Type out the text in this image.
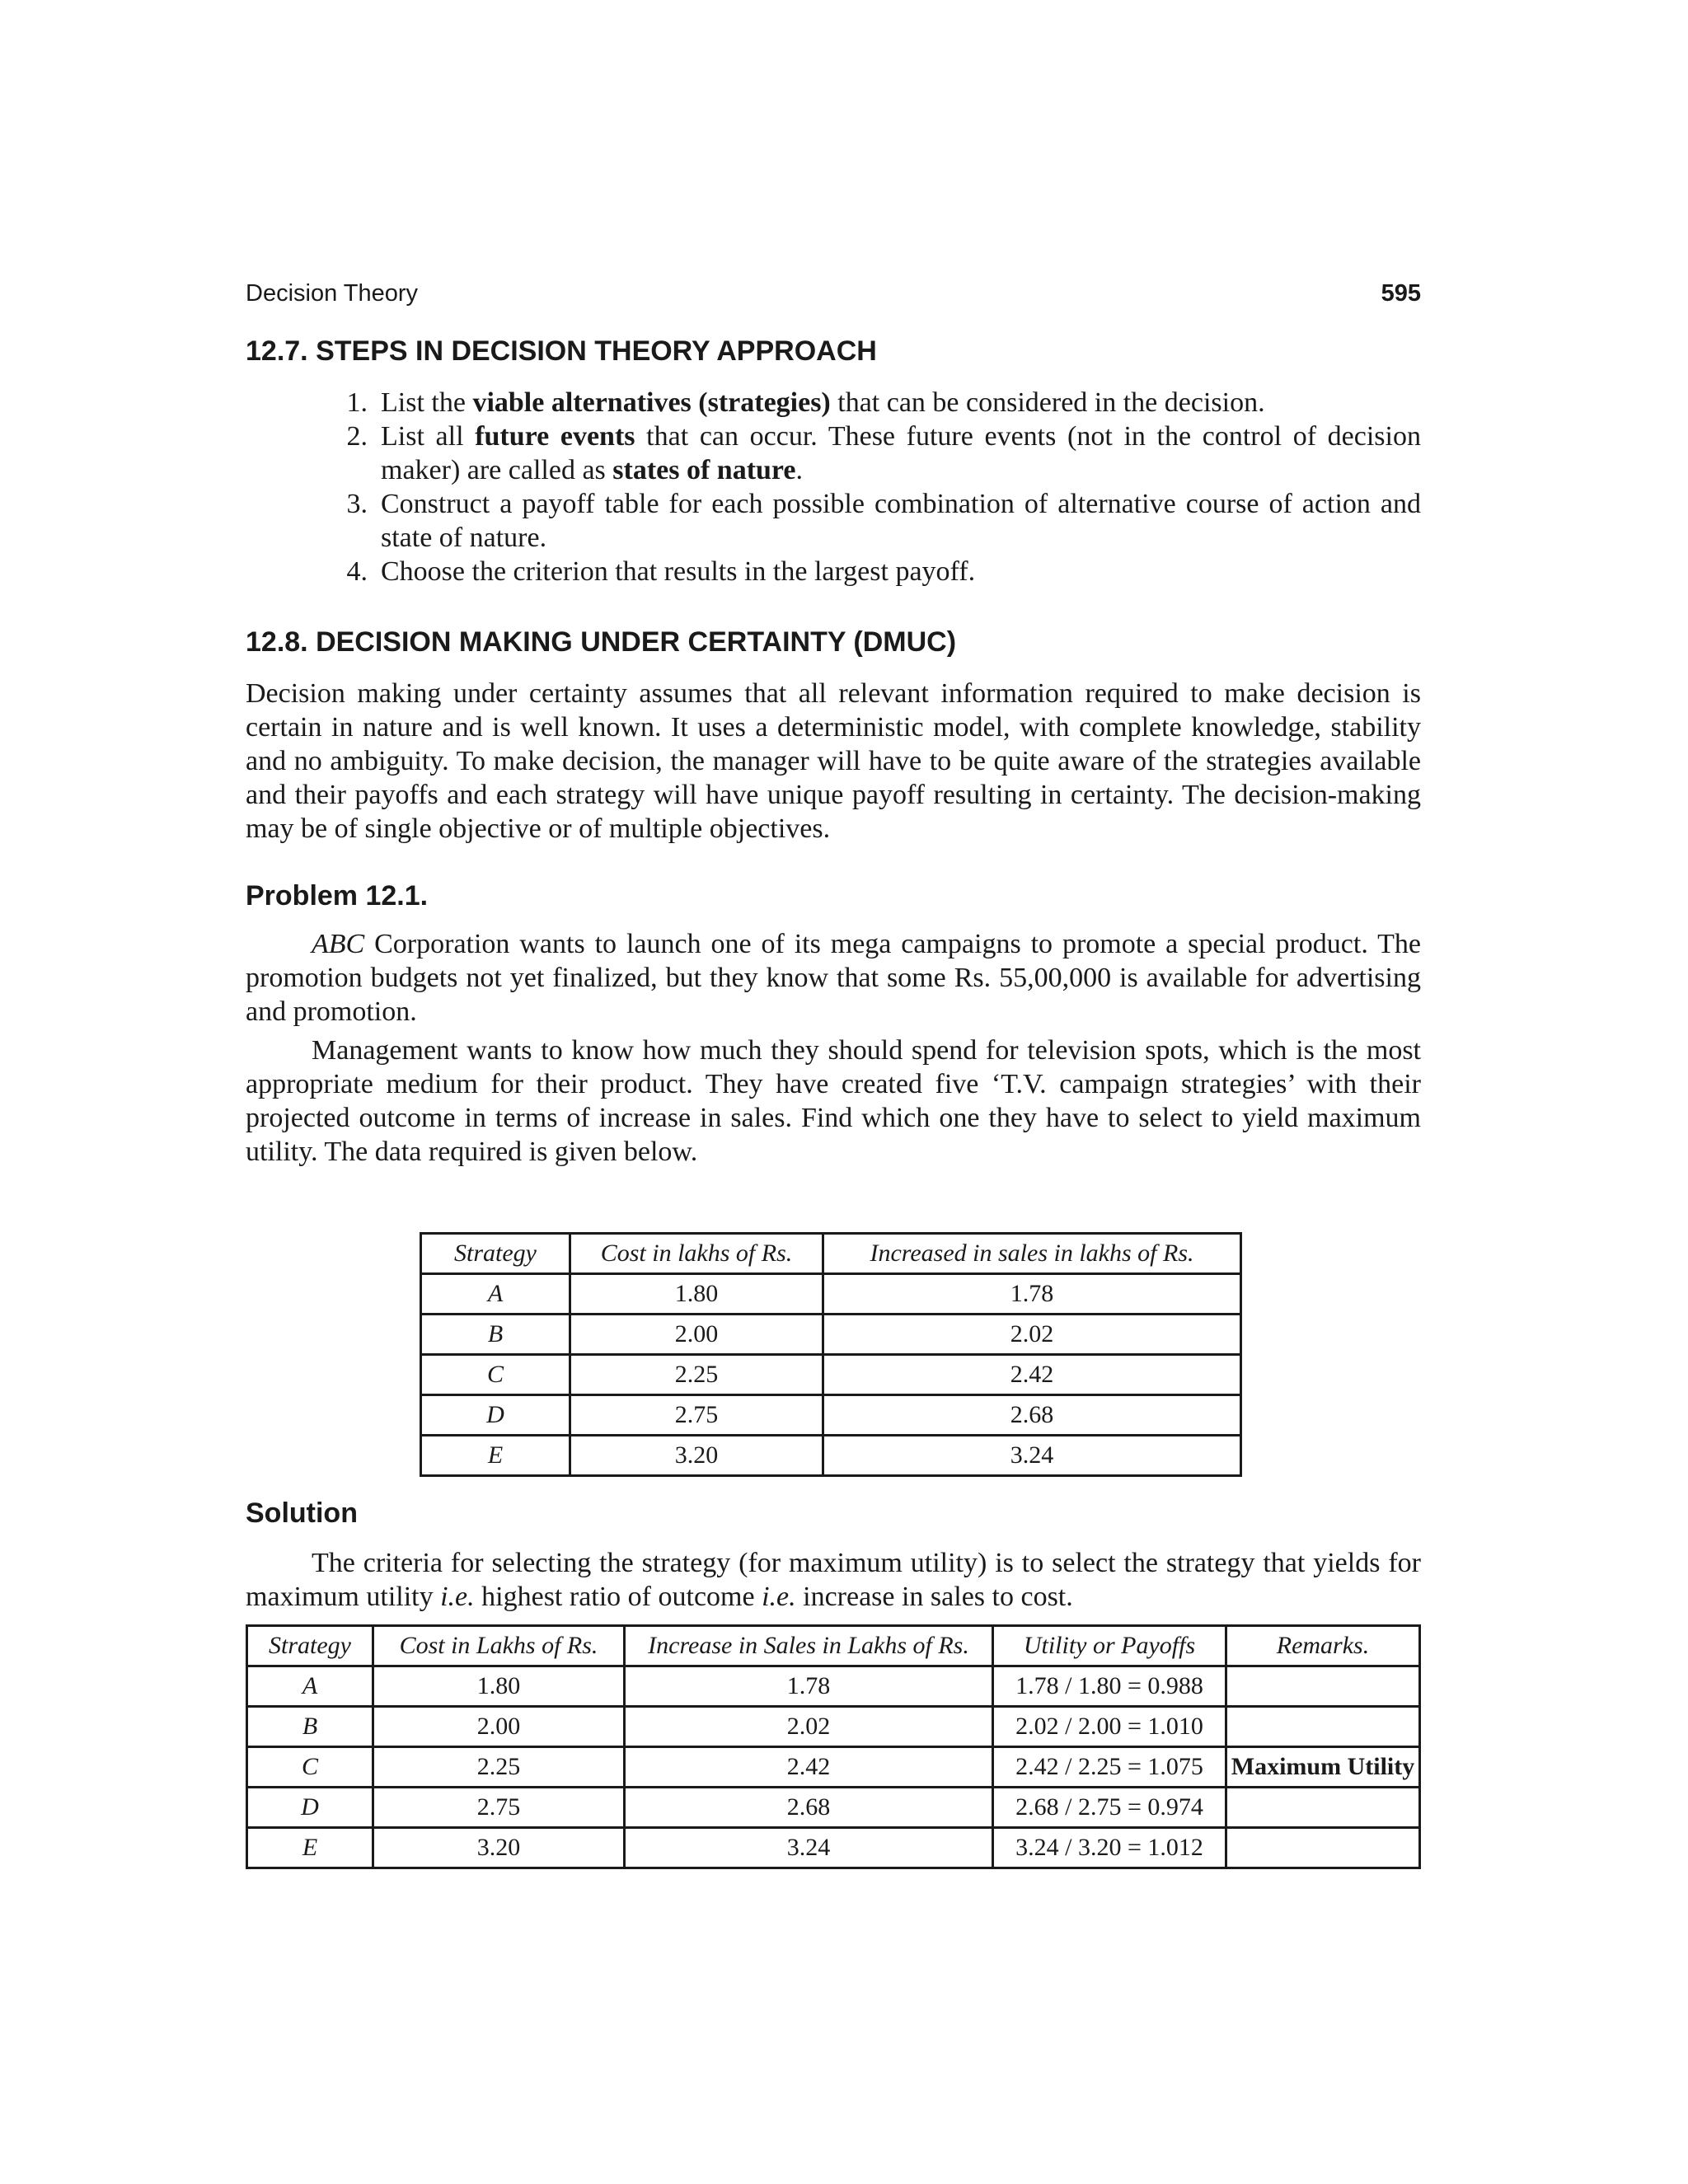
Decision Theory	595
12.7. STEPS IN DECISION THEORY APPROACH
1. List the viable alternatives (strategies) that can be considered in the decision.
2. List all future events that can occur. These future events (not in the control of decision maker) are called as states of nature.
3. Construct a payoff table for each possible combination of alternative course of action and state of nature.
4. Choose the criterion that results in the largest payoff.
12.8. DECISION MAKING UNDER CERTAINTY (DMUC)

Decision making under certainty assumes that all relevant information required to make decision is certain in nature and is well known. It uses a deterministic model, with complete knowledge, stability and no ambiguity. To make decision, the manager will have to be quite aware of the strategies available and their payoffs and each strategy will have unique payoff resulting in certainty. The decision-making may be of single objective or of multiple objectives.

Problem 12.1.

ABC Corporation wants to launch one of its mega campaigns to promote a special product. The promotion budgets not yet finalized, but they know that some Rs. 55,00,000 is available for advertising and promotion.

Management wants to know how much they should spend for television spots, which is the most appropriate medium for their product. They have created five ‘T.V. campaign strategies’ with their projected outcome in terms of increase in sales. Find which one they have to select to yield maximum utility. The data required is given below.

Strategy	Cost in lakhs of Rs.	Increased in sales in lakhs of Rs.
A	1.80	1.78
B	2.00	2.02
C	2.25	2.42
D	2.75	2.68
E	3.20	3.24
Solution

The criteria for selecting the strategy (for maximum utility) is to select the strategy that yields for maximum utility i.e. highest ratio of outcome i.e. increase in sales to cost.

Strategy	Cost in Lakhs of Rs.	Increase in Sales in Lakhs of Rs.	Utility or Payoffs	Remarks.
A	1.80	1.78	1.78 / 1.80 = 0.988	
B	2.00	2.02	2.02 / 2.00 = 1.010	
C	2.25	2.42	2.42 / 2.25 = 1.075	Maximum Utility
D	2.75	2.68	2.68 / 2.75 = 0.974	
E	3.20	3.24	3.24 / 3.20 = 1.012	
